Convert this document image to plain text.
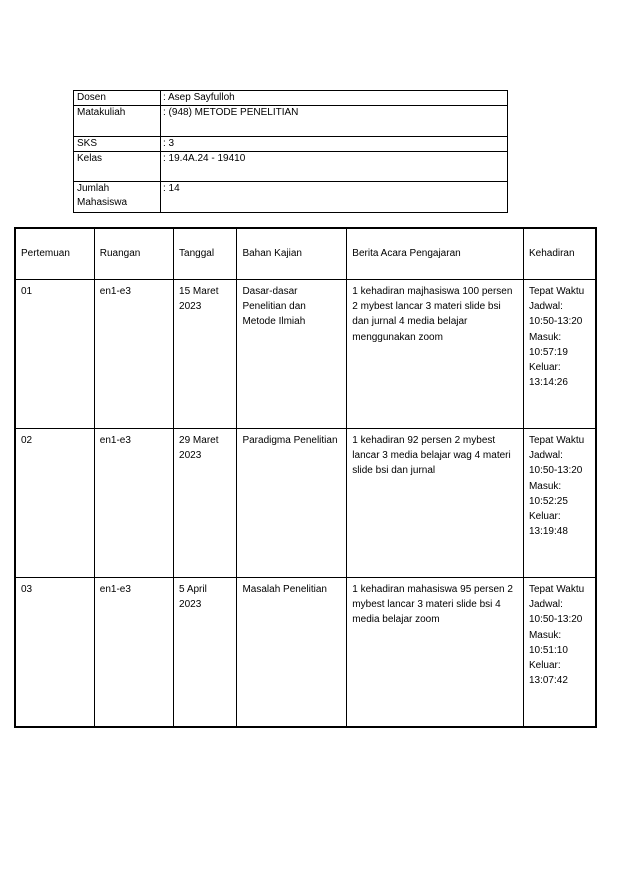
Dosen	: Asep Sayfulloh
Matakuliah	: (948) METODE PENELITIAN
SKS	: 3
Kelas	: 19.4A.24 - 19410
Jumlah Mahasiswa	: 14
Pertemuan	Ruangan	Tanggal	Bahan Kajian	Berita Acara Pengajaran	Kehadiran
01	en1-e3	15 Maret 2023	Dasar-dasar Penelitian dan Metode Ilmiah	1 kehadiran majhasiswa 100 persen 2 mybest lancar 3 materi slide bsi dan jurnal 4 media belajar menggunakan zoom	Tepat Waktu Jadwal: 10:50-13:20 Masuk: 10:57:19 Keluar: 13:14:26
02	en1-e3	29 Maret 2023	Paradigma Penelitian	1 kehadiran 92 persen 2 mybest lancar 3 media belajar wag 4 materi slide bsi dan jurnal	Tepat Waktu Jadwal: 10:50-13:20 Masuk: 10:52:25 Keluar: 13:19:48
03	en1-e3	5 April 2023	Masalah Penelitian	1 kehadiran mahasiswa 95 persen 2 mybest lancar 3 materi slide bsi 4 media belajar zoom	Tepat Waktu Jadwal: 10:50-13:20 Masuk: 10:51:10 Keluar: 13:07:42
